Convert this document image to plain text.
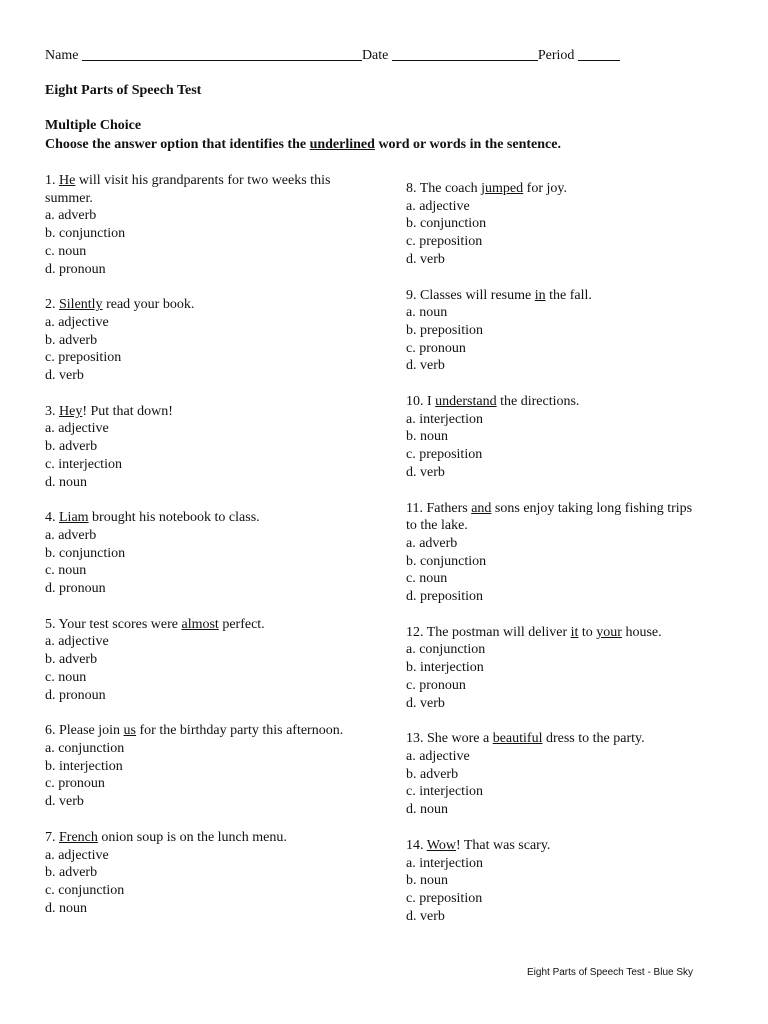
Name	Date	Period
Eight Parts of Speech Test
Multiple Choice
Choose the answer option that identifies the underlined word or words in the sentence.
1. He will visit his grandparents for two weeks this summer.
a. adverb
b. conjunction
c. noun
d. pronoun
2. Silently read your book.
a. adjective
b. adverb
c. preposition
d. verb
3. Hey! Put that down!
a. adjective
b. adverb
c. interjection
d. noun
4. Liam brought his notebook to class.
a. adverb
b. conjunction
c. noun
d. pronoun
5. Your test scores were almost perfect.
a. adjective
b. adverb
c. noun
d. pronoun
6. Please join us for the birthday party this afternoon.
a. conjunction
b. interjection
c. pronoun
d. verb
7. French onion soup is on the lunch menu.
a. adjective
b. adverb
c. conjunction
d. noun
8. The coach jumped for joy.
a. adjective
b. conjunction
c. preposition
d. verb
9. Classes will resume in the fall.
a. noun
b. preposition
c. pronoun
d. verb
10. I understand the directions.
a. interjection
b. noun
c. preposition
d. verb
11. Fathers and sons enjoy taking long fishing trips to the lake.
a. adverb
b. conjunction
c. noun
d. preposition
12. The postman will deliver it to your house.
a. conjunction
b. interjection
c. pronoun
d. verb
13. She wore a beautiful dress to the party.
a. adjective
b. adverb
c. interjection
d. noun
14. Wow! That was scary.
a. interjection
b. noun
c. preposition
d. verb
Eight Parts of Speech Test - Blue Sky
